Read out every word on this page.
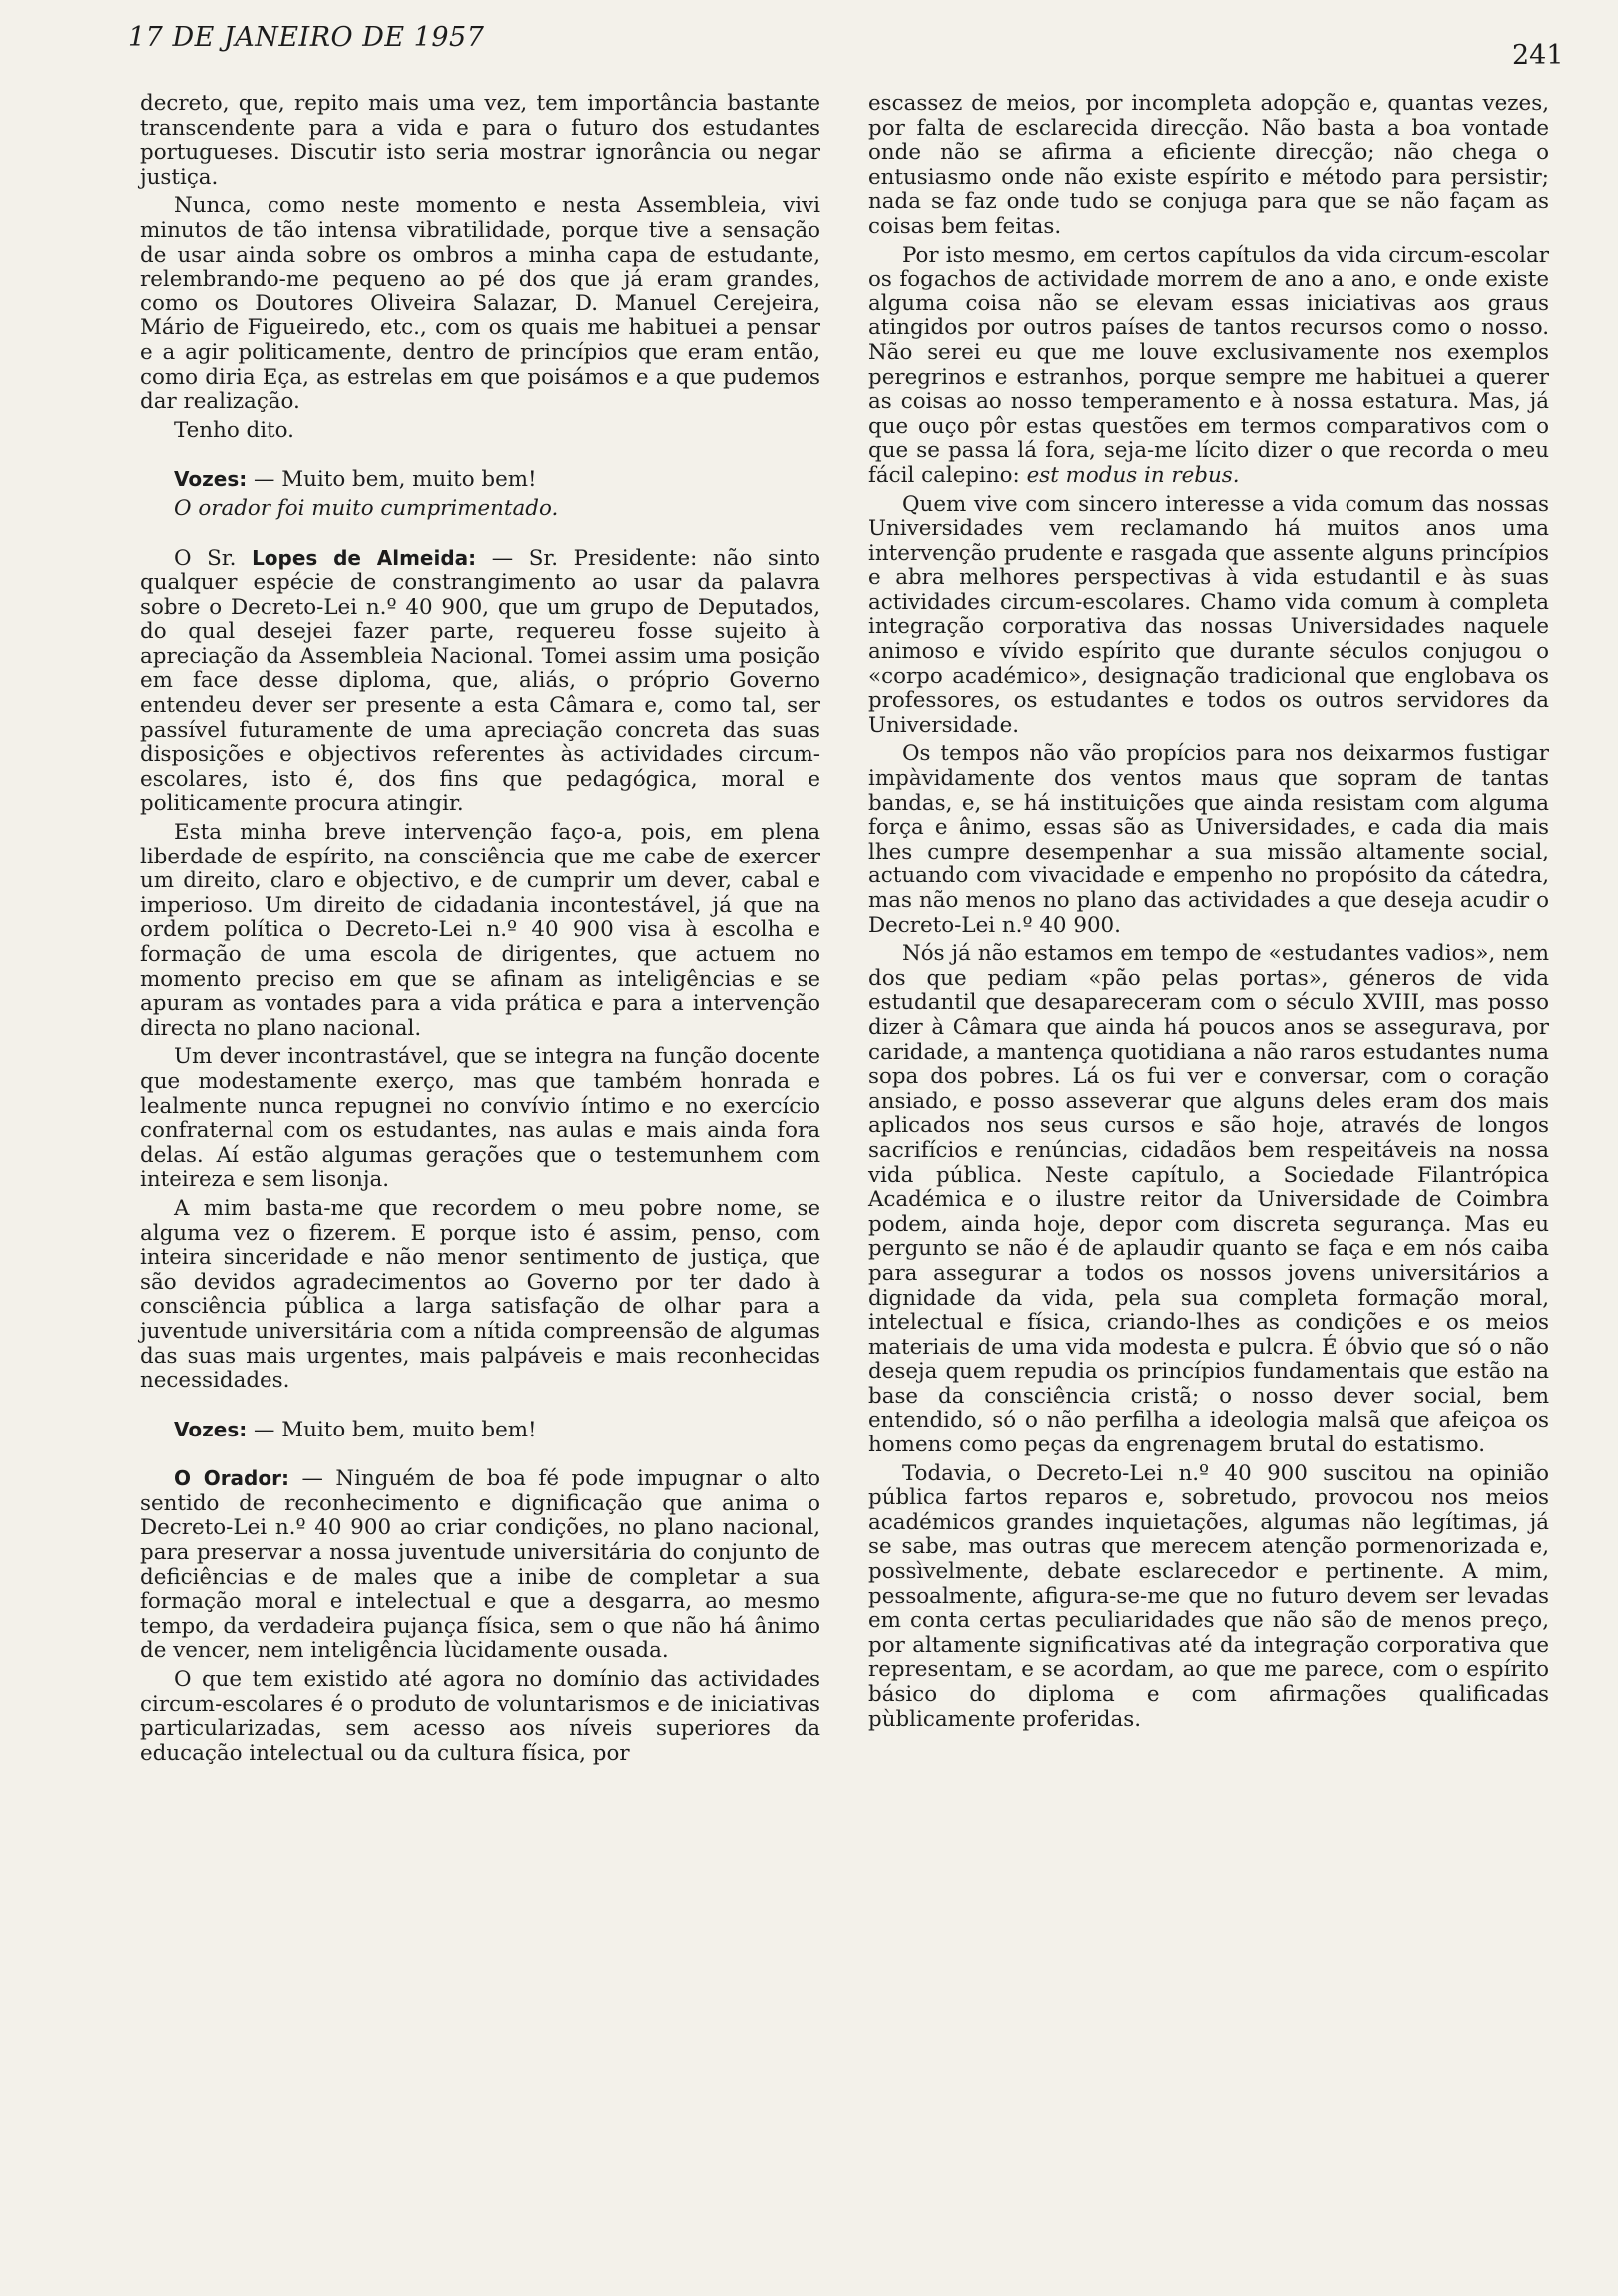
17 DE JANEIRO DE 1957
241

decreto, que, repito mais uma vez, tem importância bastante transcendente para a vida e para o futuro dos estudantes portugueses. Discutir isto seria mostrar ignorância ou negar justiça.

Nunca, como neste momento e nesta Assembleia, vivi minutos de tão intensa vibratilidade, porque tive a sensação de usar ainda sobre os ombros a minha capa de estudante, relembrando-me pequeno ao pé dos que já eram grandes, como os Doutores Oliveira Salazar, D. Manuel Cerejeira, Mário de Figueiredo, etc., com os quais me habituei a pensar e a agir politicamente, dentro de princípios que eram então, como diria Eça, as estrelas em que poisámos e a que pudemos dar realização.

Tenho dito.

Vozes: — Muito bem, muito bem!

O orador foi muito cumprimentado.

O Sr. Lopes de Almeida: — Sr. Presidente: não sinto qualquer espécie de constrangimento ao usar da palavra sobre o Decreto-Lei n.º 40 900, que um grupo de Deputados, do qual desejei fazer parte, requereu fosse sujeito à apreciação da Assembleia Nacional. Tomei assim uma posição em face desse diploma, que, aliás, o próprio Governo entendeu dever ser presente a esta Câmara e, como tal, ser passível futuramente de uma apreciação concreta das suas disposições e objectivos referentes às actividades circum-escolares, isto é, dos fins que pedagógica, moral e politicamente procura atingir.

Esta minha breve intervenção faço-a, pois, em plena liberdade de espírito, na consciência que me cabe de exercer um direito, claro e objectivo, e de cumprir um dever, cabal e imperioso. Um direito de cidadania incontestável, já que na ordem política o Decreto-Lei n.º 40 900 visa à escolha e formação de uma escola de dirigentes, que actuem no momento preciso em que se afinam as inteligências e se apuram as vontades para a vida prática e para a intervenção directa no plano nacional.

Um dever incontrastável, que se integra na função docente que modestamente exerço, mas que também honrada e lealmente nunca repugnei no convívio íntimo e no exercício confraternal com os estudantes, nas aulas e mais ainda fora delas. Aí estão algumas gerações que o testemunhem com inteireza e sem lisonja.

A mim basta-me que recordem o meu pobre nome, se alguma vez o fizerem. E porque isto é assim, penso, com inteira sinceridade e não menor sentimento de justiça, que são devidos agradecimentos ao Governo por ter dado à consciência pública a larga satisfação de olhar para a juventude universitária com a nítida compreensão de algumas das suas mais urgentes, mais palpáveis e mais reconhecidas necessidades.

Vozes: — Muito bem, muito bem!

O Orador: — Ninguém de boa fé pode impugnar o alto sentido de reconhecimento e dignificação que anima o Decreto-Lei n.º 40 900 ao criar condições, no plano nacional, para preservar a nossa juventude universitária do conjunto de deficiências e de males que a inibe de completar a sua formação moral e intelectual e que a desgarra, ao mesmo tempo, da verdadeira pujança física, sem o que não há ânimo de vencer, nem inteligência lùcidamente ousada.

O que tem existido até agora no domínio das actividades circum-escolares é o produto de voluntarismos e de iniciativas particularizadas, sem acesso aos níveis superiores da educação intelectual ou da cultura física, por

escassez de meios, por incompleta adopção e, quantas vezes, por falta de esclarecida direcção. Não basta a boa vontade onde não se afirma a eficiente direcção; não chega o entusiasmo onde não existe espírito e método para persistir; nada se faz onde tudo se conjuga para que se não façam as coisas bem feitas.

Por isto mesmo, em certos capítulos da vida circum-escolar os fogachos de actividade morrem de ano a ano, e onde existe alguma coisa não se elevam essas iniciativas aos graus atingidos por outros países de tantos recursos como o nosso. Não serei eu que me louve exclusivamente nos exemplos peregrinos e estranhos, porque sempre me habituei a querer as coisas ao nosso temperamento e à nossa estatura. Mas, já que ouço pôr estas questões em termos comparativos com o que se passa lá fora, seja-me lícito dizer o que recorda o meu fácil calepino: est modus in rebus.

Quem vive com sincero interesse a vida comum das nossas Universidades vem reclamando há muitos anos uma intervenção prudente e rasgada que assente alguns princípios e abra melhores perspectivas à vida estudantil e às suas actividades circum-escolares. Chamo vida comum à completa integração corporativa das nossas Universidades naquele animoso e vívido espírito que durante séculos conjugou o «corpo académico», designação tradicional que englobava os professores, os estudantes e todos os outros servidores da Universidade.

Os tempos não vão propícios para nos deixarmos fustigar impàvidamente dos ventos maus que sopram de tantas bandas, e, se há instituições que ainda resistam com alguma força e ânimo, essas são as Universidades, e cada dia mais lhes cumpre desempenhar a sua missão altamente social, actuando com vivacidade e empenho no propósito da cátedra, mas não menos no plano das actividades a que deseja acudir o Decreto-Lei n.º 40 900.

Nós já não estamos em tempo de «estudantes vadios», nem dos que pediam «pão pelas portas», géneros de vida estudantil que desapareceram com o século XVIII, mas posso dizer à Câmara que ainda há poucos anos se assegurava, por caridade, a mantença quotidiana a não raros estudantes numa sopa dos pobres. Lá os fui ver e conversar, com o coração ansiado, e posso asseverar que alguns deles eram dos mais aplicados nos seus cursos e são hoje, através de longos sacrifícios e renúncias, cidadãos bem respeitáveis na nossa vida pública. Neste capítulo, a Sociedade Filantrópica Académica e o ilustre reitor da Universidade de Coimbra podem, ainda hoje, depor com discreta segurança. Mas eu pergunto se não é de aplaudir quanto se faça e em nós caiba para assegurar a todos os nossos jovens universitários a dignidade da vida, pela sua completa formação moral, intelectual e física, criando-lhes as condições e os meios materiais de uma vida modesta e pulcra. É óbvio que só o não deseja quem repudia os princípios fundamentais que estão na base da consciência cristã; o nosso dever social, bem entendido, só o não perfilha a ideologia malsã que afeiçoa os homens como peças da engrenagem brutal do estatismo.

Todavia, o Decreto-Lei n.º 40 900 suscitou na opinião pública fartos reparos e, sobretudo, provocou nos meios académicos grandes inquietações, algumas não legítimas, já se sabe, mas outras que merecem atenção pormenorizada e, possìvelmente, debate esclarecedor e pertinente. A mim, pessoalmente, afigura-se-me que no futuro devem ser levadas em conta certas peculiaridades que não são de menos preço, por altamente significativas até da integração corporativa que representam, e se acordam, ao que me parece, com o espírito básico do diploma e com afirmações qualificadas pùblicamente proferidas.
